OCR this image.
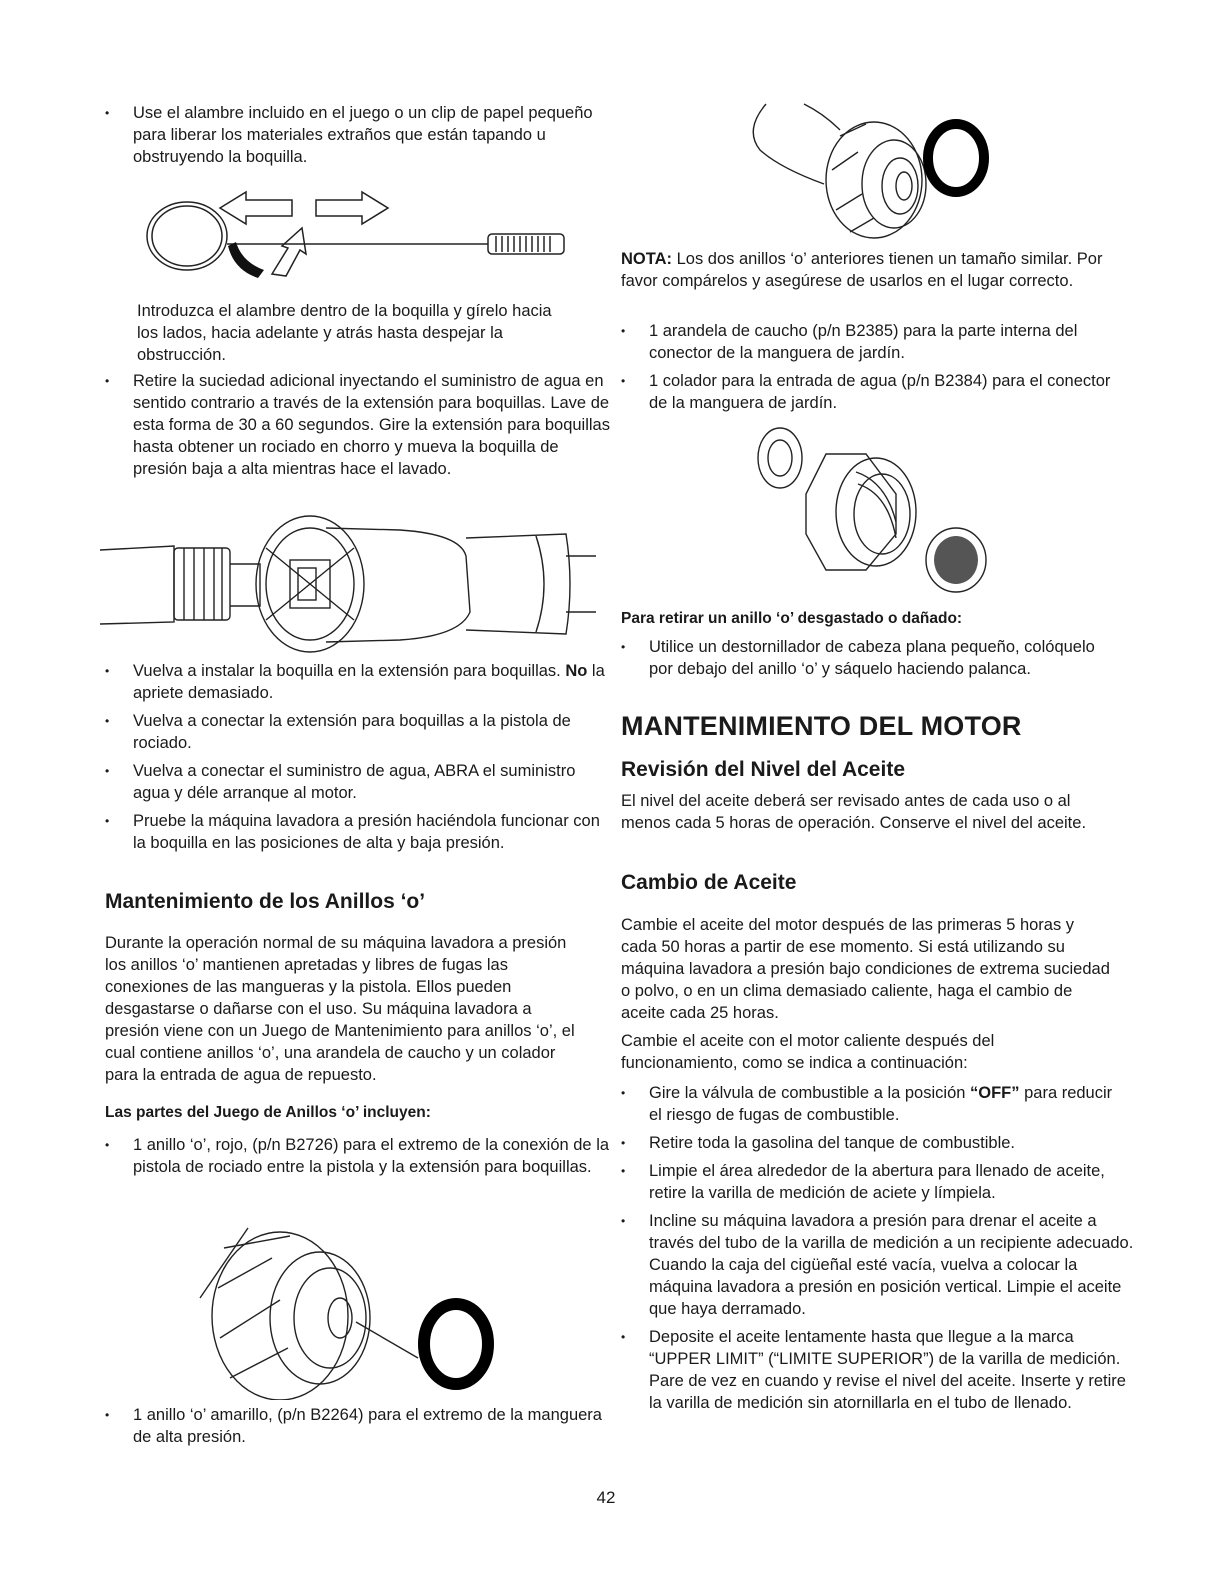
• Use el alambre incluido en el juego o un clip de papel pequeño para liberar los materiales extraños que están tapando u obstruyendo la boquilla.

Introduzca el alambre dentro de la boquilla y gírelo hacia los lados, hacia adelante y atrás hasta despejar la obstrucción.

• Retire la suciedad adicional inyectando el suministro de agua en sentido contrario a través de la extensión para boquillas. Lave de esta forma de 30 a 60 segundos. Gire la extensión para boquillas hasta obtener un rociado en chorro y mueva la boquilla de presión baja a alta mientras hace el lavado.

• Vuelva a instalar la boquilla en la extensión para boquillas. No la apriete demasiado.

• Vuelva a conectar la extensión para boquillas a la pistola de rociado.

• Vuelva a conectar el suministro de agua, ABRA el suministro agua y déle arranque al motor.

• Pruebe la máquina lavadora a presión haciéndola funcionar con la boquilla en las posiciones de alta y baja presión.

Mantenimiento de los Anillos ‘o’

Durante la operación normal de su máquina lavadora a presión los anillos ‘o’ mantienen apretadas y libres de fugas las conexiones de las mangueras y la pistola. Ellos pueden desgastarse o dañarse con el uso. Su máquina lavadora a presión viene con un Juego de Mantenimiento para anillos ‘o’, el cual contiene anillos ‘o’, una arandela de caucho y un colador para la entrada de agua de repuesto.

Las partes del Juego de Anillos ‘o’ incluyen:

• 1 anillo ‘o’, rojo, (p/n B2726) para el extremo de la conexión de la pistola de rociado entre la pistola y la extensión para boquillas.

• 1 anillo ‘o’ amarillo, (p/n B2264) para el extremo de la manguera de alta presión.

NOTA: Los dos anillos ‘o’ anteriores tienen un tamaño similar. Por favor compárelos y asegúrese de usarlos en el lugar correcto.

• 1 arandela de caucho (p/n B2385) para la parte interna del conector de la manguera de jardín.

• 1 colador para la entrada de agua (p/n B2384) para el conector de la manguera de jardín.

Para retirar un anillo ‘o’ desgastado o dañado:

• Utilice un destornillador de cabeza plana pequeño, colóquelo por debajo del anillo ‘o’ y sáquelo haciendo palanca.

MANTENIMIENTO DEL MOTOR
Revisión del Nivel del Aceite

El nivel del aceite deberá ser revisado antes de cada uso o al menos cada 5 horas de operación. Conserve el nivel del aceite.

Cambio de Aceite

Cambie el aceite del motor después de las primeras 5 horas y cada 50 horas a partir de ese momento. Si está utilizando su máquina lavadora a presión bajo condiciones de extrema suciedad o polvo, o en un clima demasiado caliente, haga el cambio de aceite cada 25 horas.

Cambie el aceite con el motor caliente después del funcionamiento, como se indica a continuación:

• Gire la válvula de combustible a la posición “OFF” para reducir el riesgo de fugas de combustible.

• Retire toda la gasolina del tanque de combustible.

• Limpie el área alrededor de la abertura para llenado de aceite, retire la varilla de medición de aciete y límpiela.

• Incline su máquina lavadora a presión para drenar el aceite a través del tubo de la varilla de medición a un recipiente adecuado. Cuando la caja del cigüeñal esté vacía, vuelva a colocar la máquina lavadora a presión en posición vertical. Limpie el aceite que haya derramado.

• Deposite el aceite lentamente hasta que llegue a la marca “UPPER LIMIT” (“LIMITE SUPERIOR”) de la varilla de medición. Pare de vez en cuando y revise el nivel del aceite. Inserte y retire la varilla de medición sin atornillarla en el tubo de llenado.

42
